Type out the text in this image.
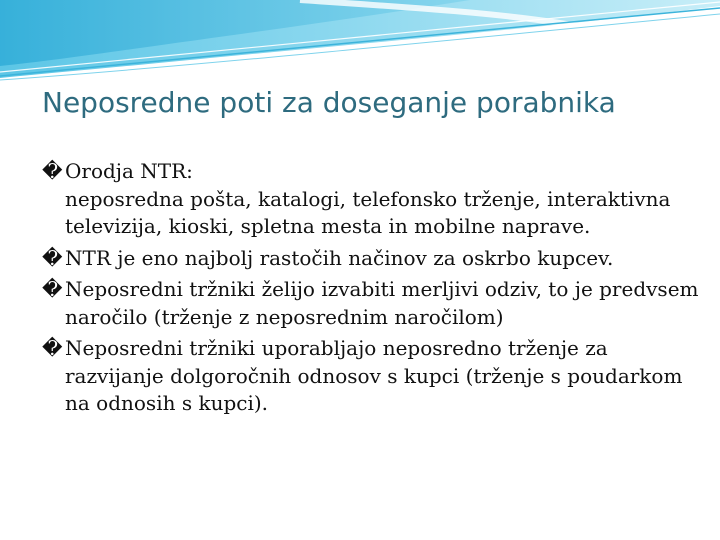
Neposredne poti za doseganje porabnika
� Orodja NTR:
neposredna pošta, katalogi, telefonsko trženje, interaktivna televizija, kioski, spletna mesta in mobilne naprave.
� NTR je eno najbolj rastočih načinov za oskrbo kupcev.
� Neposredni tržniki želijo izvabiti merljivi odziv, to je predvsem naročilo (trženje z neposrednim naročilom)
� Neposredni tržniki uporabljajo neposredno trženje za razvijanje dolgoročnih odnosov s kupci (trženje s poudarkom na odnosih s kupci).
